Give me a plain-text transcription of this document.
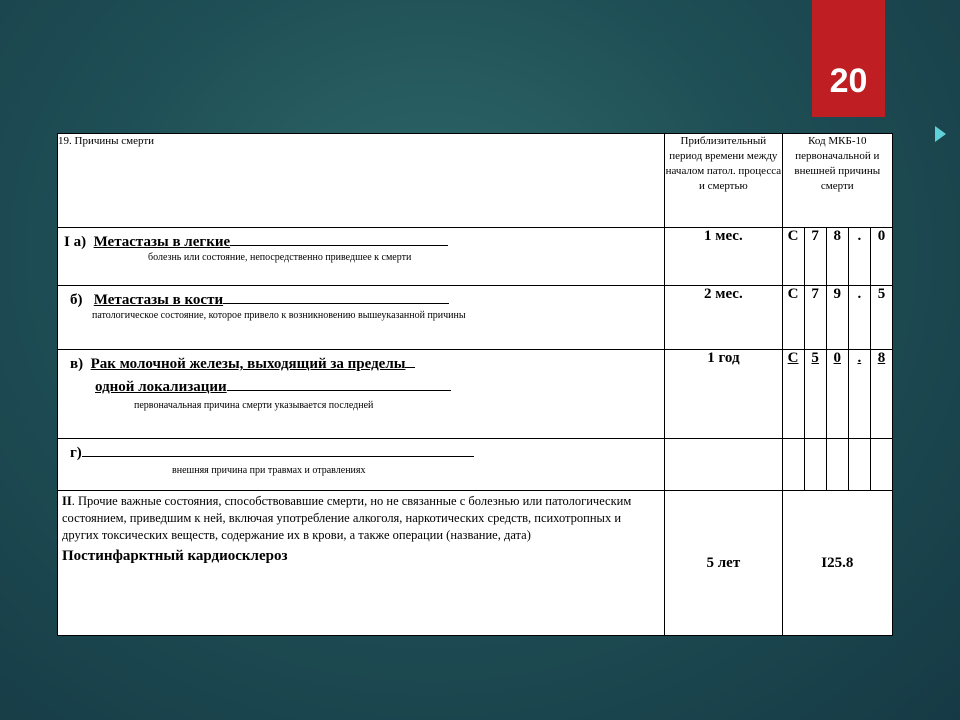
20
19. Причины смерти	Приблизительный период времени между началом патол. процесса и смертью	Код МКБ-10 первоначальной и внешней причины смерти				

I а) Метастазы в легкие
болезнь или состояние, непосредственно приведшее к смерти	1 мес.	С	7	8	.	0

б) Метастазы в кости
патологическое состояние, которое привело к возникновению вышеуказанной причины	2 мес.	С	7	9	.	5

в) Рак молочной железы, выходящий за пределы
одной локализации
первоначальная причина смерти указывается последней	1 год	С	5	0	.	8

г)
внешняя причина при травмах и отравлениях						

II. Прочие важные состояния, способствовавшие смерти, но не связанные с болезнью или патологическим состоянием, приведшим к ней, включая употребление алкоголя, наркотических средств, психотропных и других токсических веществ, содержание их в крови, а также операции (название, дата)
Постинфарктный кардиосклероз	5 лет	I25.8				
